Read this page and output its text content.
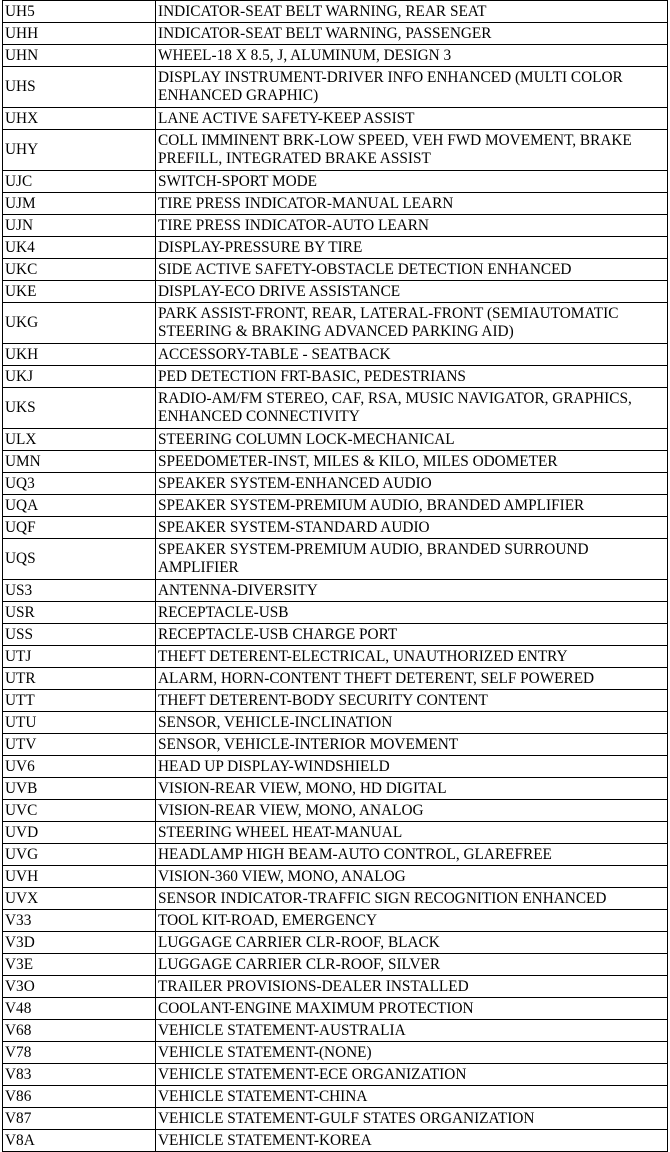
UH5	INDICATOR-SEAT BELT WARNING, REAR SEAT
UHH	INDICATOR-SEAT BELT WARNING, PASSENGER
UHN	WHEEL-18 X 8.5, J, ALUMINUM, DESIGN 3
UHS	DISPLAY INSTRUMENT-DRIVER INFO ENHANCED (MULTI COLOR ENHANCED GRAPHIC)
UHX	LANE ACTIVE SAFETY-KEEP ASSIST
UHY	COLL IMMINENT BRK-LOW SPEED, VEH FWD MOVEMENT, BRAKE PREFILL, INTEGRATED BRAKE ASSIST
UJC	SWITCH-SPORT MODE
UJM	TIRE PRESS INDICATOR-MANUAL LEARN
UJN	TIRE PRESS INDICATOR-AUTO LEARN
UK4	DISPLAY-PRESSURE BY TIRE
UKC	SIDE ACTIVE SAFETY-OBSTACLE DETECTION ENHANCED
UKE	DISPLAY-ECO DRIVE ASSISTANCE
UKG	PARK ASSIST-FRONT, REAR, LATERAL-FRONT (SEMIAUTOMATIC STEERING & BRAKING ADVANCED PARKING AID)
UKH	ACCESSORY-TABLE - SEATBACK
UKJ	PED DETECTION FRT-BASIC, PEDESTRIANS
UKS	RADIO-AM/FM STEREO, CAF, RSA, MUSIC NAVIGATOR, GRAPHICS, ENHANCED CONNECTIVITY
ULX	STEERING COLUMN LOCK-MECHANICAL
UMN	SPEEDOMETER-INST, MILES & KILO, MILES ODOMETER
UQ3	SPEAKER SYSTEM-ENHANCED AUDIO
UQA	SPEAKER SYSTEM-PREMIUM AUDIO, BRANDED AMPLIFIER
UQF	SPEAKER SYSTEM-STANDARD AUDIO
UQS	SPEAKER SYSTEM-PREMIUM AUDIO, BRANDED SURROUND AMPLIFIER
US3	ANTENNA-DIVERSITY
USR	RECEPTACLE-USB
USS	RECEPTACLE-USB CHARGE PORT
UTJ	THEFT DETERENT-ELECTRICAL, UNAUTHORIZED ENTRY
UTR	ALARM, HORN-CONTENT THEFT DETERENT, SELF POWERED
UTT	THEFT DETERENT-BODY SECURITY CONTENT
UTU	SENSOR, VEHICLE-INCLINATION
UTV	SENSOR, VEHICLE-INTERIOR MOVEMENT
UV6	HEAD UP DISPLAY-WINDSHIELD
UVB	VISION-REAR VIEW, MONO, HD DIGITAL
UVC	VISION-REAR VIEW, MONO, ANALOG
UVD	STEERING WHEEL HEAT-MANUAL
UVG	HEADLAMP HIGH BEAM-AUTO CONTROL, GLAREFREE
UVH	VISION-360 VIEW, MONO, ANALOG
UVX	SENSOR INDICATOR-TRAFFIC SIGN RECOGNITION ENHANCED
V33	TOOL KIT-ROAD, EMERGENCY
V3D	LUGGAGE CARRIER CLR-ROOF, BLACK
V3E	LUGGAGE CARRIER CLR-ROOF, SILVER
V3O	TRAILER PROVISIONS-DEALER INSTALLED
V48	COOLANT-ENGINE MAXIMUM PROTECTION
V68	VEHICLE STATEMENT-AUSTRALIA
V78	VEHICLE STATEMENT-(NONE)
V83	VEHICLE STATEMENT-ECE ORGANIZATION
V86	VEHICLE STATEMENT-CHINA
V87	VEHICLE STATEMENT-GULF STATES ORGANIZATION
V8A	VEHICLE STATEMENT-KOREA
